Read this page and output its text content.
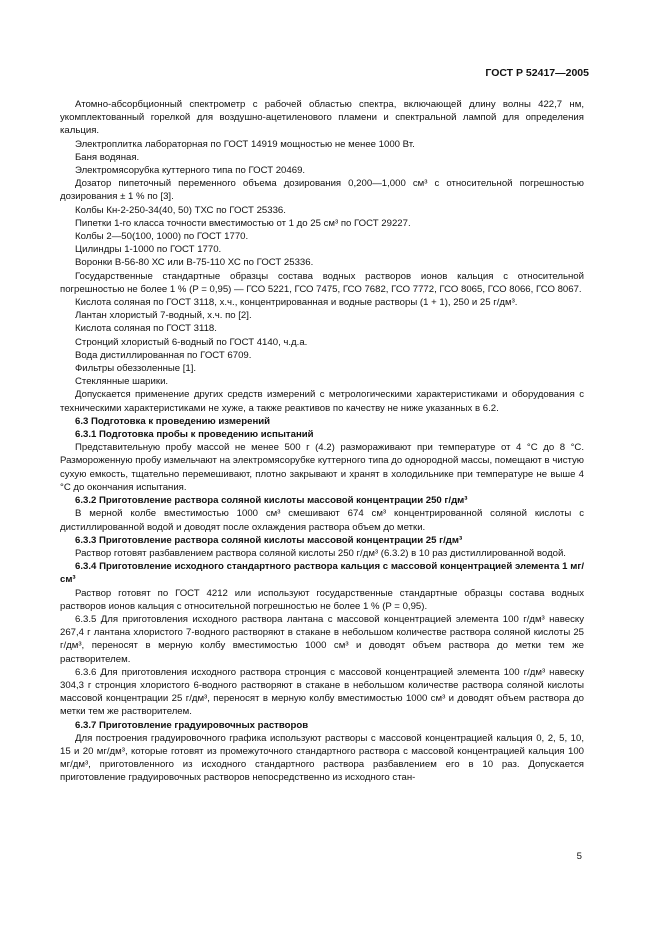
ГОСТ Р 52417—2005

Атомно-абсорбционный спектрометр с рабочей областью спектра, включающей длину волны 422,7 нм, укомплектованный горелкой для воздушно-ацетиленового пламени и спектральной лампой для определения кальция.

Электроплитка лабораторная по ГОСТ 14919 мощностью не менее 1000 Вт.

Баня водяная.

Электромясорубка куттерного типа по ГОСТ 20469.

Дозатор пипеточный переменного объема дозирования 0,200—1,000 см³ с относительной погрешностью дозирования ± 1 % по [3].

Колбы Кн-2-250-34(40, 50) ТХС по ГОСТ 25336.

Пипетки 1-го класса точности вместимостью от 1 до 25 см³ по ГОСТ 29227.

Колбы 2—50(100, 1000) по ГОСТ 1770.

Цилиндры 1-1000 по ГОСТ 1770.

Воронки В-56-80 ХС или В-75-110 ХС по ГОСТ 25336.

Государственные стандартные образцы состава водных растворов ионов кальция с относительной погрешностью не более 1 % (P = 0,95) — ГСО 5221, ГСО 7475, ГСО 7682, ГСО 7772, ГСО 8065, ГСО 8066, ГСО 8067.

Кислота соляная по ГОСТ 3118, х.ч., концентрированная и водные растворы (1 + 1), 250 и 25 г/дм³.

Лантан хлористый 7-водный, х.ч. по [2].

Кислота соляная по ГОСТ 3118.

Стронций хлористый 6-водный по ГОСТ 4140, ч.д.а.

Вода дистиллированная по ГОСТ 6709.

Фильтры обеззоленные [1].

Стеклянные шарики.

Допускается применение других средств измерений с метрологическими характеристиками и оборудования с техническими характеристиками не хуже, а также реактивов по качеству не ниже указанных в 6.2.

6.3 Подготовка к проведению измерений

6.3.1 Подготовка пробы к проведению испытаний

Представительную пробу массой не менее 500 г (4.2) размораживают при температуре от 4 °С до 8 °С. Размороженную пробу измельчают на электромясорубке куттерного типа до однородной массы, помещают в чистую сухую емкость, тщательно перемешивают, плотно закрывают и хранят в холодильнике при температуре не выше 4 °С до окончания испытания.

6.3.2 Приготовление раствора соляной кислоты массовой концентрации 250 г/дм³

В мерной колбе вместимостью 1000 см³ смешивают 674 см³ концентрированной соляной кислоты с дистиллированной водой и доводят после охлаждения раствора объем до метки.

6.3.3 Приготовление раствора соляной кислоты массовой концентрации 25 г/дм³

Раствор готовят разбавлением раствора соляной кислоты 250 г/дм³ (6.3.2) в 10 раз дистиллированной водой.

6.3.4 Приготовление исходного стандартного раствора кальция с массовой концентрацией элемента 1 мг/см³

Раствор готовят по ГОСТ 4212 или используют государственные стандартные образцы состава водных растворов ионов кальция с относительной погрешностью не более 1 % (P = 0,95).

6.3.5 Для приготовления исходного раствора лантана с массовой концентрацией элемента 100 г/дм³ навеску 267,4 г лантана хлористого 7-водного растворяют в стакане в небольшом количестве раствора соляной кислоты 25 г/дм³, переносят в мерную колбу вместимостью 1000 см³ и доводят объем раствора до метки тем же растворителем.

6.3.6 Для приготовления исходного раствора стронция с массовой концентрацией элемента 100 г/дм³ навеску 304,3 г стронция хлористого 6-водного растворяют в стакане в небольшом количестве раствора соляной кислоты массовой концентрации 25 г/дм³, переносят в мерную колбу вместимостью 1000 см³ и доводят объем раствора до метки тем же растворителем.

6.3.7 Приготовление градуировочных растворов

Для построения градуировочного графика используют растворы с массовой концентрацией кальция 0, 2, 5, 10, 15 и 20 мг/дм³, которые готовят из промежуточного стандартного раствора с массовой концентрацией кальция 100 мг/дм³, приготовленного из исходного стандартного раствора разбавлением его в 10 раз. Допускается приготовление градуировочных растворов непосредственно из исходного стан-

5
